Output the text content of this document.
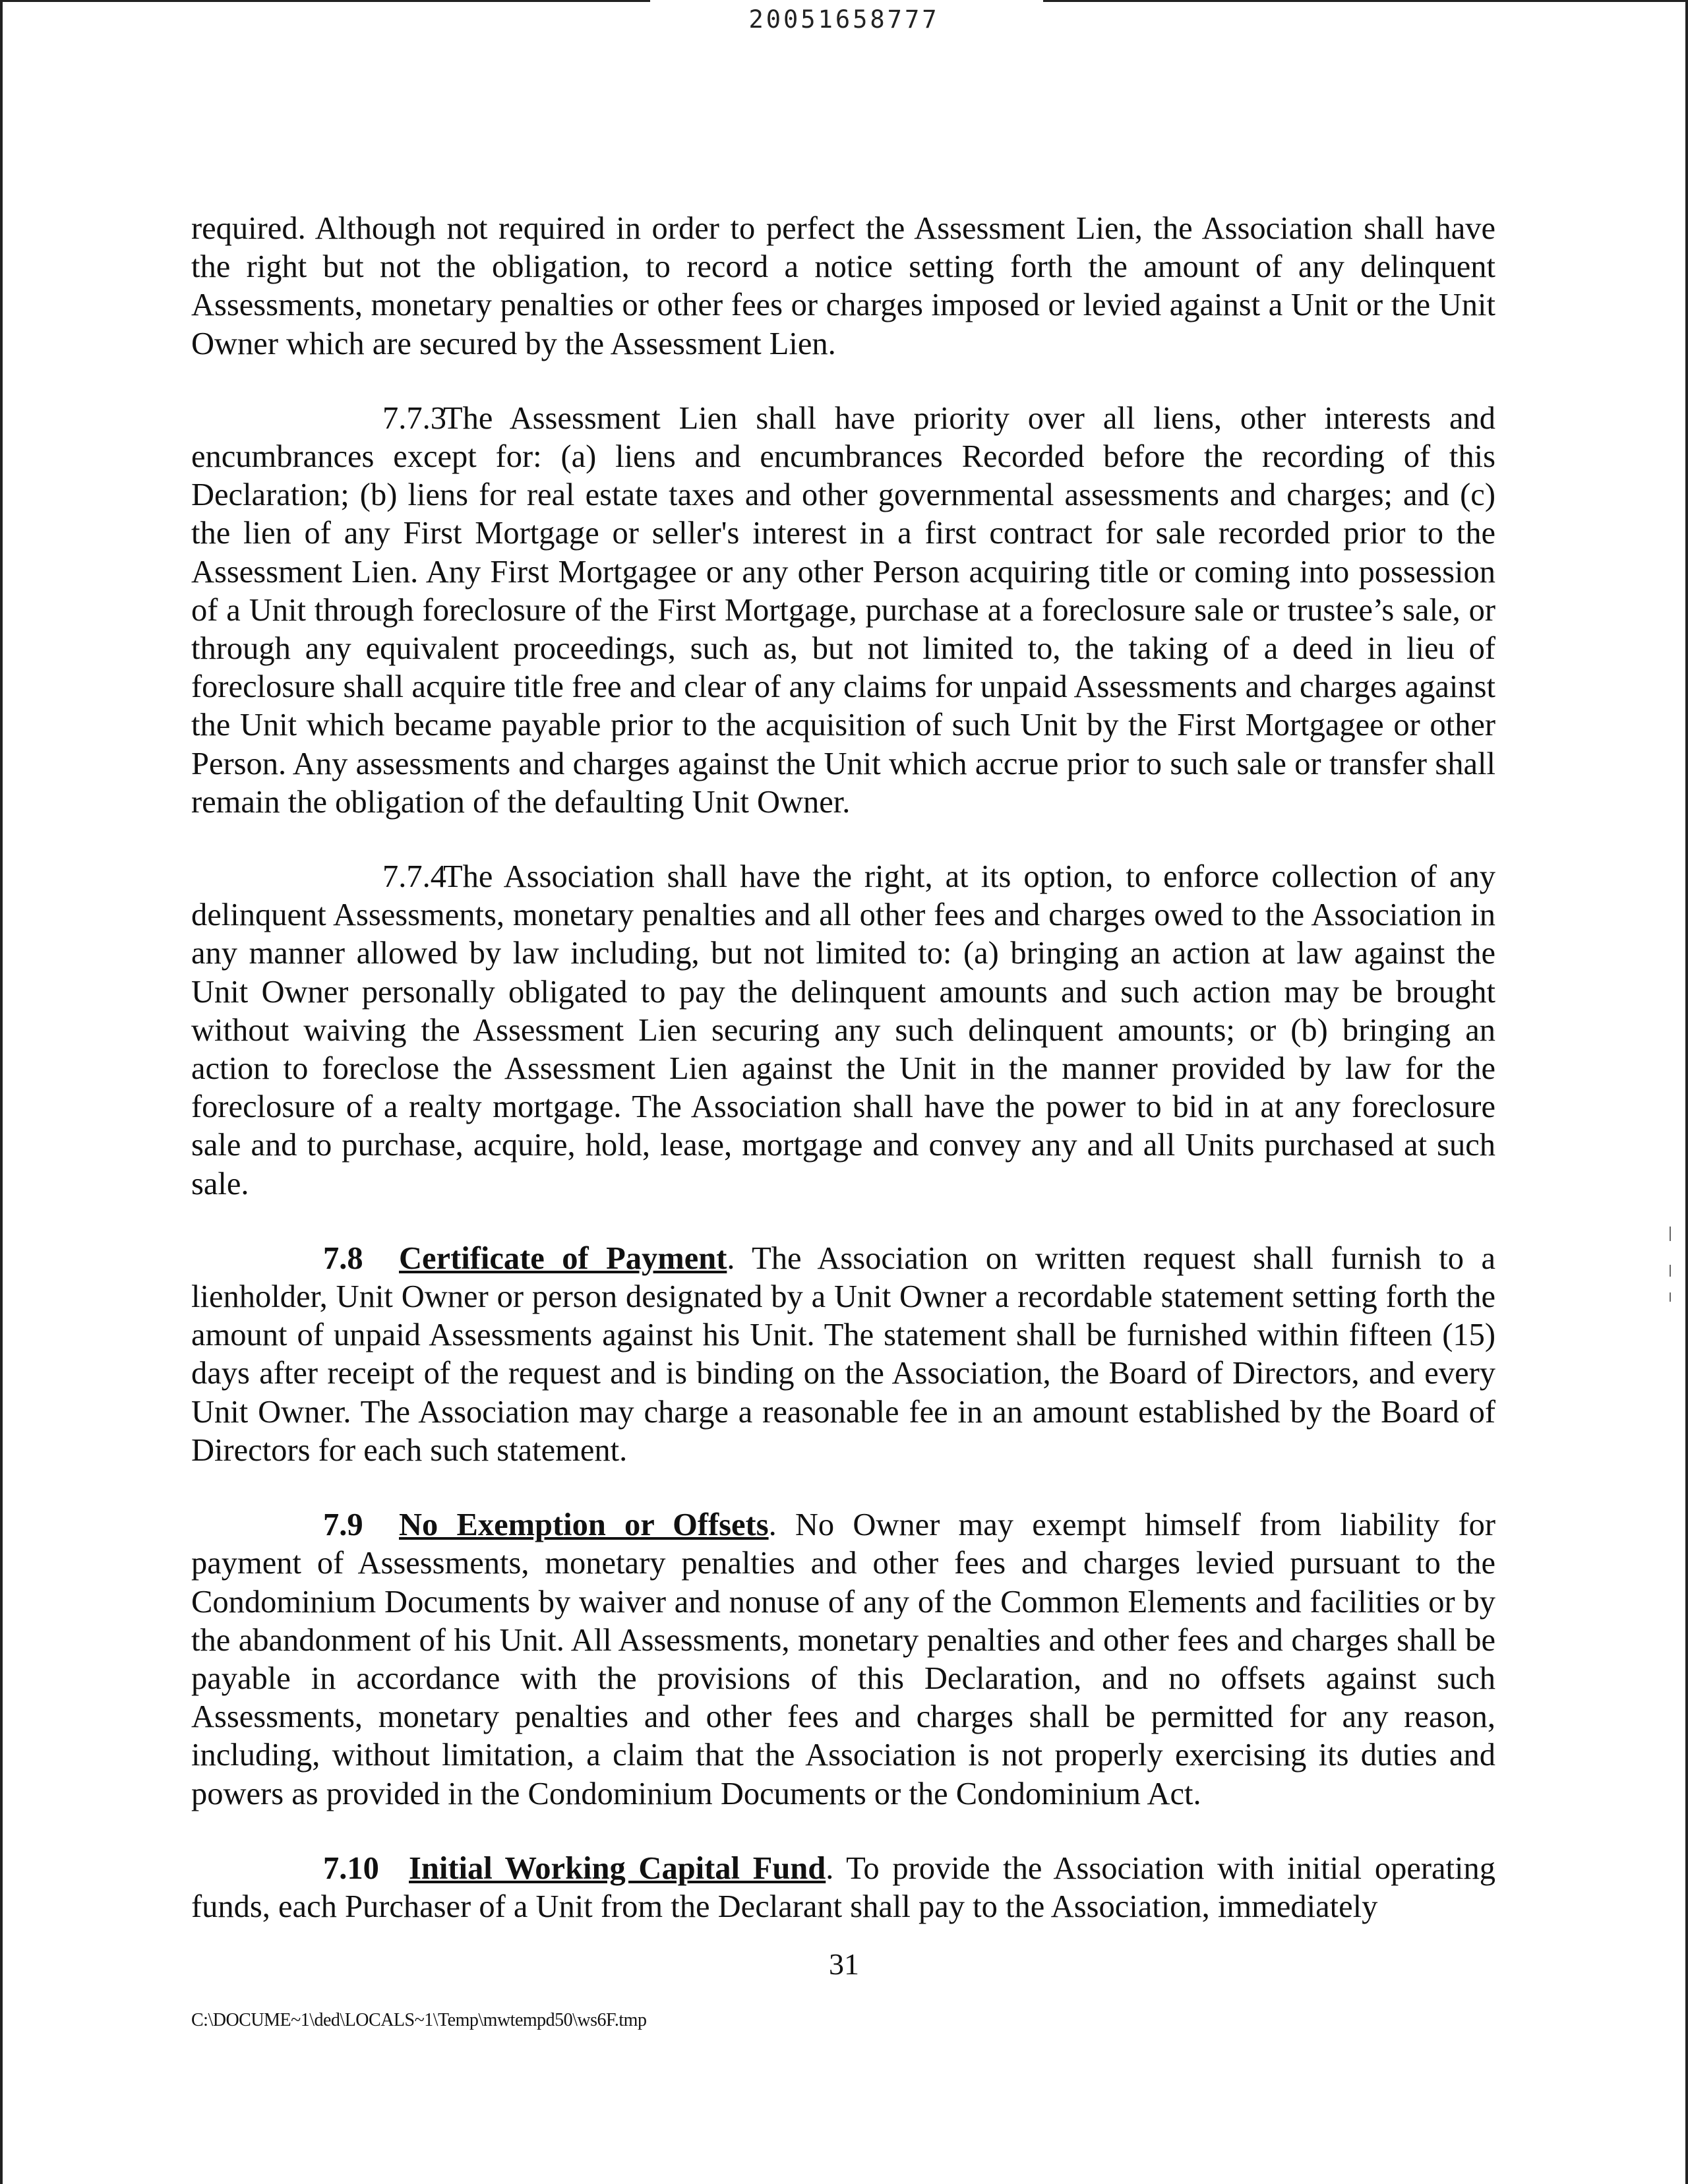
20051658777

required. Although not required in order to perfect the Assessment Lien, the Association shall have the right but not the obligation, to record a notice setting forth the amount of any delinquent Assessments, monetary penalties or other fees or charges imposed or levied against a Unit or the Unit Owner which are secured by the Assessment Lien.

7.7.3The Assessment Lien shall have priority over all liens, other interests and encumbrances except for: (a) liens and encumbrances Recorded before the recording of this Declaration; (b) liens for real estate taxes and other governmental assessments and charges; and (c) the lien of any First Mortgage or seller's interest in a first contract for sale recorded prior to the Assessment Lien. Any First Mortgagee or any other Person acquiring title or coming into possession of a Unit through foreclosure of the First Mortgage, purchase at a foreclosure sale or trustee’s sale, or through any equivalent proceedings, such as, but not limited to, the taking of a deed in lieu of foreclosure shall acquire title free and clear of any claims for unpaid Assessments and charges against the Unit which became payable prior to the acquisition of such Unit by the First Mortgagee or other Person. Any assessments and charges against the Unit which accrue prior to such sale or transfer shall remain the obligation of the defaulting Unit Owner.

7.7.4The Association shall have the right, at its option, to enforce collection of any delinquent Assessments, monetary penalties and all other fees and charges owed to the Association in any manner allowed by law including, but not limited to: (a) bringing an action at law against the Unit Owner personally obligated to pay the delinquent amounts and such action may be brought without waiving the Assessment Lien securing any such delinquent amounts; or (b) bringing an action to foreclose the Assessment Lien against the Unit in the manner provided by law for the foreclosure of a realty mortgage. The Association shall have the power to bid in at any foreclosure sale and to purchase, acquire, hold, lease, mortgage and convey any and all Units purchased at such sale.

7.8 Certificate of Payment. The Association on written request shall furnish to a lienholder, Unit Owner or person designated by a Unit Owner a recordable statement setting forth the amount of unpaid Assessments against his Unit. The statement shall be furnished within fifteen (15) days after receipt of the request and is binding on the Association, the Board of Directors, and every Unit Owner. The Association may charge a reasonable fee in an amount established by the Board of Directors for each such statement.

7.9 No Exemption or Offsets. No Owner may exempt himself from liability for payment of Assessments, monetary penalties and other fees and charges levied pursuant to the Condominium Documents by waiver and nonuse of any of the Common Elements and facilities or by the abandonment of his Unit. All Assessments, monetary penalties and other fees and charges shall be payable in accordance with the provisions of this Declaration, and no offsets against such Assessments, monetary penalties and other fees and charges shall be permitted for any reason, including, without limitation, a claim that the Association is not properly exercising its duties and powers as provided in the Condominium Documents or the Condominium Act.

7.10 Initial Working Capital Fund. To provide the Association with initial operating funds, each Purchaser of a Unit from the Declarant shall pay to the Association, immediately

31
C:\DOCUME~1\ded\LOCALS~1\Temp\mwtempd50\ws6F.tmp
